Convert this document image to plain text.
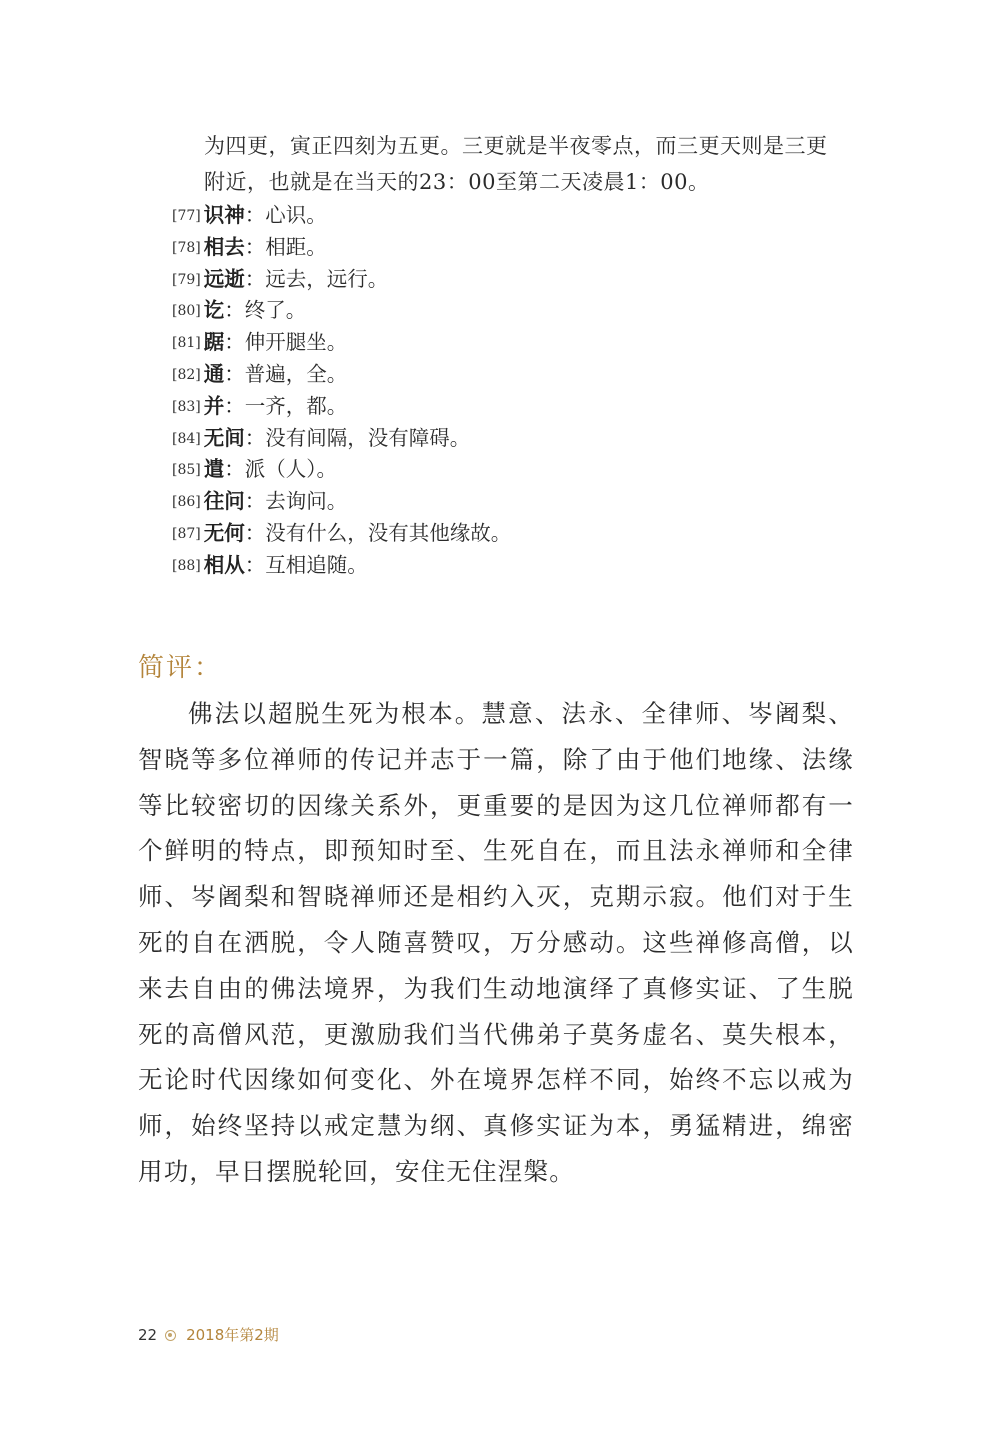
为四更，寅正四刻为五更。三更就是半夜零点，而三更天则是三更

附近，也就是在当天的23：00至第二天凌晨1：00。

[77] 识神：心识。
[78] 相去：相距。
[79] 远逝：远去，远行。
[80] 讫：终了。
[81] 踞：伸开腿坐。
[82] 通：普遍，全。
[83] 并：一齐，都。
[84] 无间：没有间隔，没有障碍。
[85] 遣：派（人）。
[86] 往问：去询问。
[87] 无何：没有什么，没有其他缘故。
[88] 相从：互相追随。
简评：

佛法以超脱生死为根本。慧意、法永、全律师、岑阇梨、智晓等多位禅师的传记并志于一篇，除了由于他们地缘、法缘等比较密切的因缘关系外，更重要的是因为这几位禅师都有一个鲜明的特点，即预知时至、生死自在，而且法永禅师和全律师、岑阇梨和智晓禅师还是相约入灭，克期示寂。他们对于生死的自在洒脱，令人随喜赞叹，万分感动。这些禅修高僧，以来去自由的佛法境界，为我们生动地演绎了真修实证、了生脱死的高僧风范，更激励我们当代佛弟子莫务虚名、莫失根本，无论时代因缘如何变化、外在境界怎样不同，始终不忘以戒为师，始终坚持以戒定慧为纲、真修实证为本，勇猛精进，绵密用功，早日摆脱轮回，安住无住涅槃。

22 2018年第2期
